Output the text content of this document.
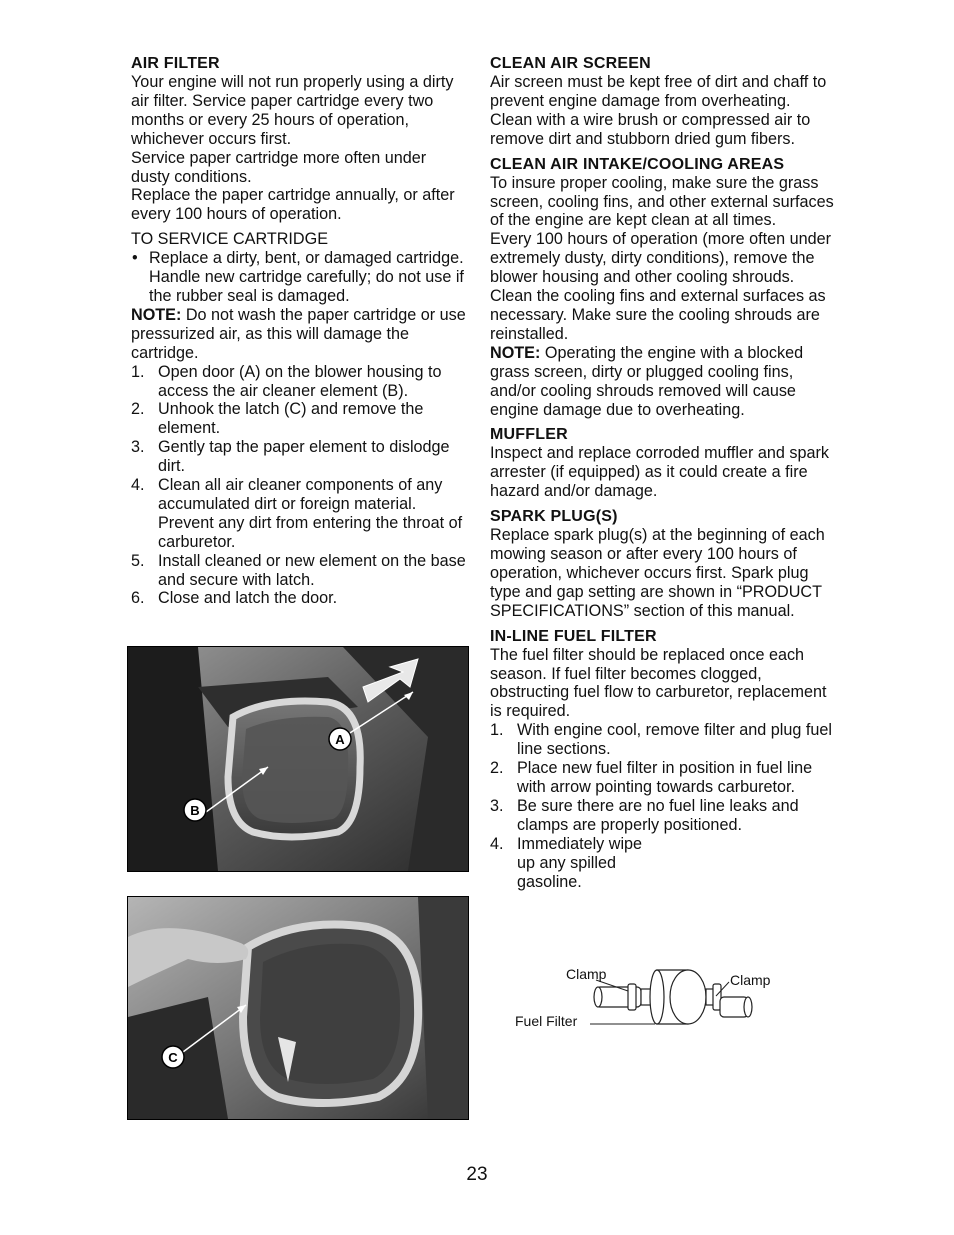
AIR FILTER

Your engine will not run properly using a dirty air filter. Service paper cartridge every two months or every 25 hours of operation, whichever occurs first.

Service paper cartridge more often under dusty conditions.

Replace the paper cartridge annually, or after every 100 hours of operation.

TO SERVICE CARTRIDGE

• Replace a dirty, bent, or damaged cartridge. Handle new cartridge carefully; do not use if the rubber seal is damaged.

NOTE: Do not wash the paper cartridge or use pressurized air, as this will damage the cartridge.

1. Open door (A) on the blower housing to access the air cleaner element (B).
2. Unhook the latch (C) and remove the element.
3. Gently tap the paper element to dislodge dirt.
4. Clean all air cleaner components of any accumulated dirt or foreign material. Prevent any dirt from entering the throat of carburetor.
5. Install cleaned or new element on the base and secure with latch.
6. Close and latch the door.
A
B
C
CLEAN AIR SCREEN

Air screen must be kept free of dirt and chaff to prevent engine damage from overheating. Clean with a wire brush or compressed air to remove dirt and stubborn dried gum fibers.

CLEAN AIR INTAKE/COOLING AREAS

To insure proper cooling, make sure the grass screen, cooling fins, and other external surfaces of the engine are kept clean at all times.

Every 100 hours of operation (more often under extremely dusty, dirty conditions), remove the blower housing and other cooling shrouds. Clean the cooling fins and external surfaces as necessary. Make sure the cooling shrouds are reinstalled.

NOTE: Operating the engine with a blocked grass screen, dirty or plugged cooling fins, and/or cooling shrouds removed will cause engine damage due to overheating.

MUFFLER

Inspect and replace corroded muffler and spark arrester (if equipped) as it could create a fire hazard and/or damage.

SPARK PLUG(S)

Replace spark plug(s) at the beginning of each mowing season or after every 100 hours of operation, whichever occurs first. Spark plug type and gap setting are shown in “PRODUCT SPECIFICATIONS” section of this manual.

IN-LINE FUEL FILTER

The fuel filter should be replaced once each season. If fuel filter becomes clogged, obstructing fuel flow to carburetor, replacement is required.

1. With engine cool, remove filter and plug fuel line sections.
2. Place new fuel filter in position in fuel line with arrow pointing towards carburetor.
3. Be sure there are no fuel line leaks and clamps are properly positioned.
4. Immediately wipe up any spilled gasoline.
Clamp	Clamp
Fuel Filter
23
